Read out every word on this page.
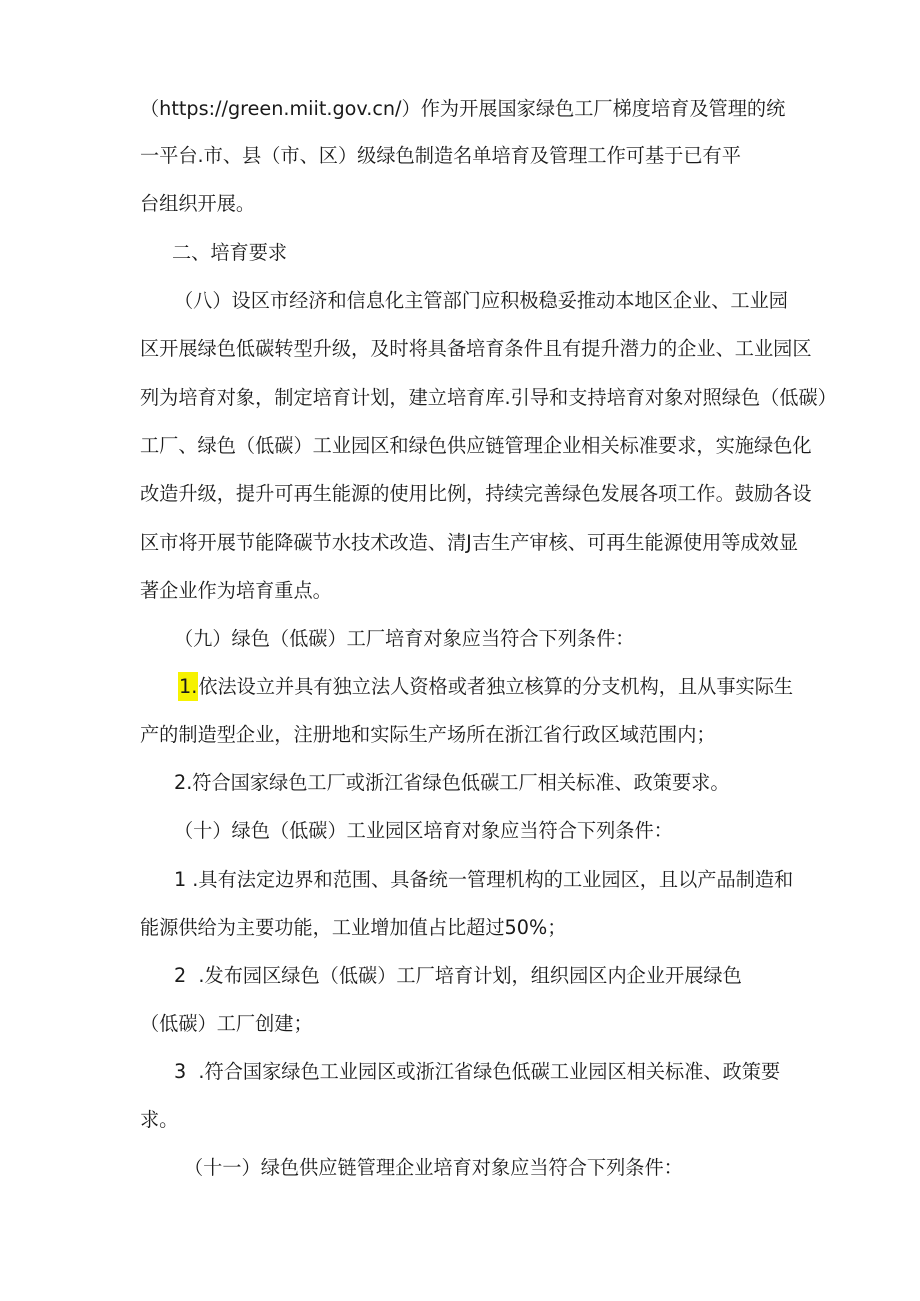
（https://green.miit.gov.cn/）作为开展国家绿色工厂梯度培育及管理的统
一平台.市、县（市、区）级绿色制造名单培育及管理工作可基于已有平
台组织开展。
二、培育要求
（八）设区市经济和信息化主管部门应积极稳妥推动本地区企业、工业园
区开展绿色低碳转型升级，及时将具备培育条件且有提升潜力的企业、工业园区
列为培育对象，制定培育计划，建立培育库.引导和支持培育对象对照绿色（低碳）
工厂、绿色（低碳）工业园区和绿色供应链管理企业相关标准要求，实施绿色化
改造升级，提升可再生能源的使用比例，持续完善绿色发展各项工作。鼓励各设
区市将开展节能降碳节水技术改造、清J吉生产审核、可再生能源使用等成效显
著企业作为培育重点。
（九）绿色（低碳）工厂培育对象应当符合下列条件：
1.依法设立并具有独立法人资格或者独立核算的分支机构，且从事实际生
产的制造型企业，注册地和实际生产场所在浙江省行政区域范围内；
2.符合国家绿色工厂或浙江省绿色低碳工厂相关标准、政策要求。
（十）绿色（低碳）工业园区培育对象应当符合下列条件：
1 .具有法定边界和范围、具备统一管理机构的工业园区，且以产品制造和
能源供给为主要功能，工业增加值占比超过50%；
2  .发布园区绿色（低碳）工厂培育计划，组织园区内企业开展绿色
（低碳）工厂创建；
3  .符合国家绿色工业园区或浙江省绿色低碳工业园区相关标准、政策要
求。
（十一）绿色供应链管理企业培育对象应当符合下列条件：
